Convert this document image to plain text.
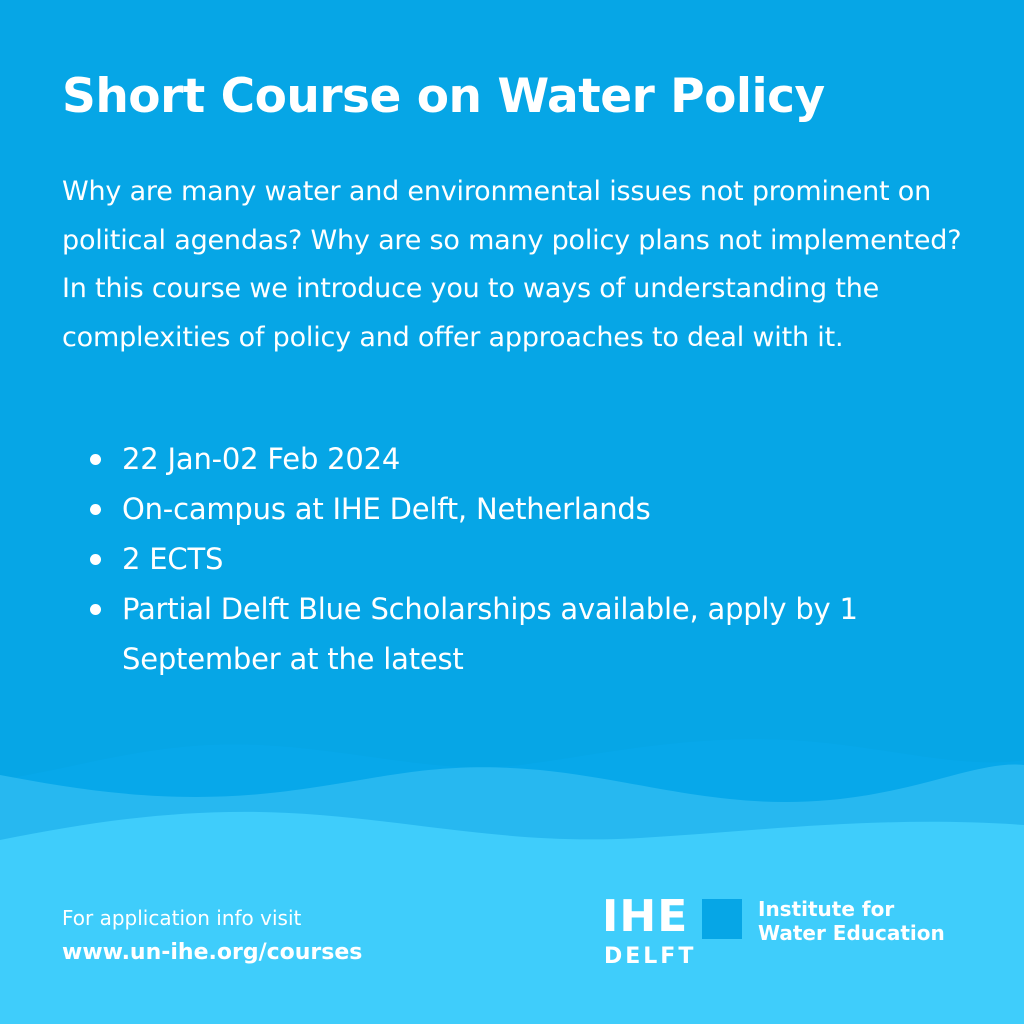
Short Course on Water Policy

Why are many water and environmental issues not prominent on political agendas? Why are so many policy plans not implemented? In this course we introduce you to ways of understanding the complexities of policy and offer approaches to deal with it.

22 Jan-02 Feb 2024
On-campus at IHE Delft, Netherlands
2 ECTS
Partial Delft Blue Scholarships available, apply by 1 September at the latest
For application info visit
www.un-ihe.org/courses
IHE
DELFT
Institute for
Water Education
